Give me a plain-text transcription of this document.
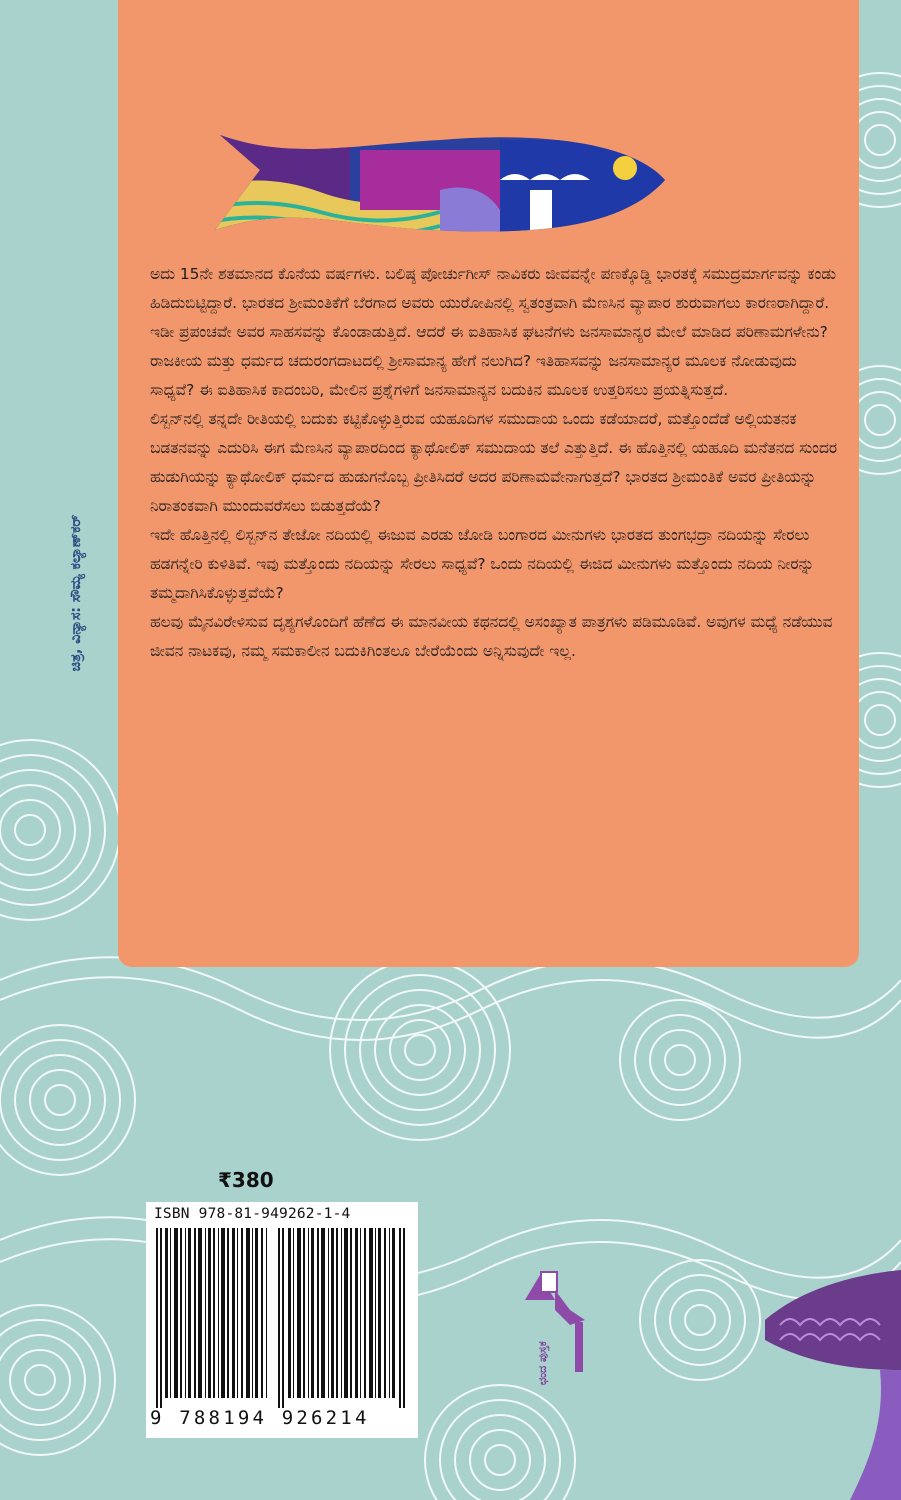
ಅದು 15ನೇ ಶತಮಾನದ ಕೊನೆಯ ವರ್ಷಗಳು. ಬಲಿಷ್ಠ ಪೋರ್ಚುಗೀಸ್ ನಾವಿಕರು ಜೀವವನ್ನೇ ಪಣಕ್ಕೊಡ್ಡಿ ಭಾರತಕ್ಕೆ ಸಮುದ್ರಮಾರ್ಗವನ್ನು ಕಂಡು ಹಿಡಿದುಬಿಟ್ಟಿದ್ದಾರೆ. ಭಾರತದ ಶ್ರೀಮಂತಿಕೆಗೆ ಬೆರಗಾದ ಅವರು ಯುರೋಪಿನಲ್ಲಿ ಸ್ವತಂತ್ರವಾಗಿ ಮೆಣಸಿನ ವ್ಯಾಪಾರ ಶುರುವಾಗಲು ಕಾರಣರಾಗಿದ್ದಾರೆ. ಇಡೀ ಪ್ರಪಂಚವೇ ಅವರ ಸಾಹಸವನ್ನು ಕೊಂಡಾಡುತ್ತಿದೆ. ಆದರೆ ಈ ಐತಿಹಾಸಿಕ ಘಟನೆಗಳು ಜನಸಾಮಾನ್ಯರ ಮೇಲೆ ಮಾಡಿದ ಪರಿಣಾಮಗಳೇನು? ರಾಜಕೀಯ ಮತ್ತು ಧರ್ಮದ ಚದುರಂಗದಾಟದಲ್ಲಿ ಶ್ರೀಸಾಮಾನ್ಯ ಹೇಗೆ ನಲುಗಿದ? ಇತಿಹಾಸವನ್ನು ಜನಸಾಮಾನ್ಯರ ಮೂಲಕ ನೋಡುವುದು ಸಾಧ್ಯವೆ? ಈ ಐತಿಹಾಸಿಕ ಕಾದಂಬರಿ, ಮೇಲಿನ ಪ್ರಶ್ನೆಗಳಿಗೆ ಜನಸಾಮಾನ್ಯನ ಬದುಕಿನ ಮೂಲಕ ಉತ್ತರಿಸಲು ಪ್ರಯತ್ನಿಸುತ್ತದೆ.

ಲಿಸ್ಬನ್‌ನಲ್ಲಿ ತನ್ನದೇ ರೀತಿಯಲ್ಲಿ ಬದುಕು ಕಟ್ಟಿಕೊಳ್ಳುತ್ತಿರುವ ಯಹೂದಿಗಳ ಸಮುದಾಯ ಒಂದು ಕಡೆಯಾದರೆ, ಮತ್ತೊಂದೆಡೆ ಅಲ್ಲಿಯತನಕ ಬಡತನವನ್ನು ಎದುರಿಸಿ ಈಗ ಮೆಣಸಿನ ವ್ಯಾಪಾರದಿಂದ ಕ್ಯಾಥೋಲಿಕ್ ಸಮುದಾಯ ತಲೆ ಎತ್ತುತ್ತಿದೆ. ಈ ಹೊತ್ತಿನಲ್ಲಿ ಯಹೂದಿ ಮನೆತನದ ಸುಂದರ ಹುಡುಗಿಯನ್ನು ಕ್ಯಾಥೋಲಿಕ್ ಧರ್ಮದ ಹುಡುಗನೊಬ್ಬ ಪ್ರೀತಿಸಿದರೆ ಅದರ ಪರಿಣಾಮವೇನಾಗುತ್ತದೆ? ಭಾರತದ ಶ್ರೀಮಂತಿಕೆ ಅವರ ಪ್ರೀತಿಯನ್ನು ನಿರಾತಂಕವಾಗಿ ಮುಂದುವರೆಸಲು ಬಿಡುತ್ತದೆಯೆ?

ಇದೇ ಹೊತ್ತಿನಲ್ಲಿ ಲಿಸ್ಬನ್‌ನ ತೇಜೋ ನದಿಯಲ್ಲಿ ಈಜುವ ಎರಡು ಜೋಡಿ ಬಂಗಾರದ ಮೀನುಗಳು ಭಾರತದ ತುಂಗಭದ್ರಾ ನದಿಯನ್ನು ಸೇರಲು ಹಡಗನ್ನೇರಿ ಕುಳಿತಿವೆ. ಇವು ಮತ್ತೊಂದು ನದಿಯನ್ನು ಸೇರಲು ಸಾಧ್ಯವೆ? ಒಂದು ನದಿಯಲ್ಲಿ ಈಜಿದ ಮೀನುಗಳು ಮತ್ತೊಂದು ನದಿಯ ನೀರನ್ನು ತಮ್ಮದಾಗಿಸಿಕೊಳ್ಳುತ್ತವೆಯೆ?

ಹಲವು ಮೈನವಿರೇಳಿಸುವ ದೃಶ್ಯಗಳೊಂದಿಗೆ ಹೆಣೆದ ಈ ಮಾನವೀಯ ಕಥನದಲ್ಲಿ ಅಸಂಖ್ಯಾತ ಪಾತ್ರಗಳು ಪಡಿಮೂಡಿವೆ. ಅವುಗಳ ಮಧ್ಯೆ ನಡೆಯುವ ಜೀವನ ನಾಟಕವು, ನಮ್ಮ ಸಮಕಾಲೀನ ಬದುಕಿಗಿಂತಲೂ ಬೇರೆಯೆಂದು ಅನ್ನಿಸುವುದೇ ಇಲ್ಲ.

ಚಿತ್ರ, ವಿನ್ಯಾಸ: ಸೌಮ್ಯ ಕಲ್ಯಾಣ್‌ಕರ್
₹380
ISBN 978-81-949262-1-4
9 788194 926214
ಛಂದ ಪುಸ್ತಕ
